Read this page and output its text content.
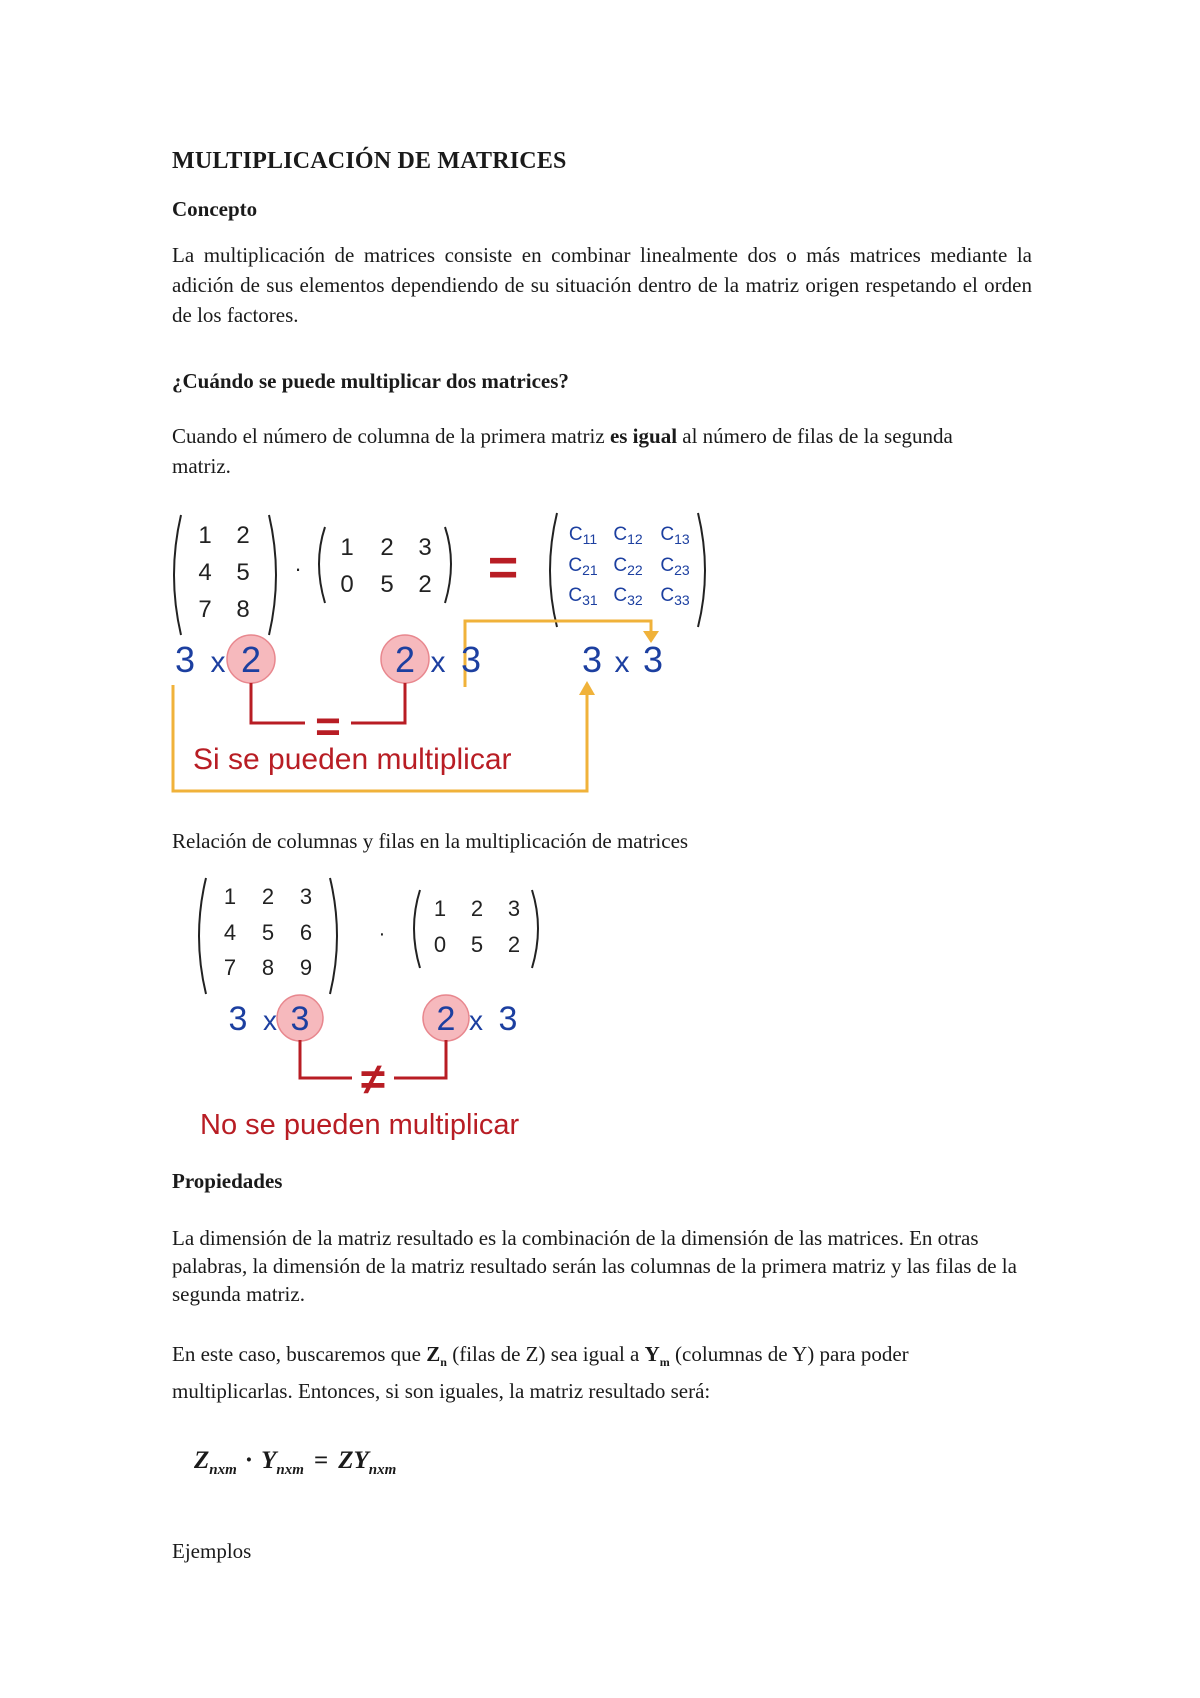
MULTIPLICACIÓN DE MATRICES
Concepto
La multiplicación de matrices consiste en combinar linealmente dos o más matrices mediante la adición de sus elementos dependiendo de su situación dentro de la matriz origen respetando el orden de los factores.
¿Cuándo se puede multiplicar dos matrices?
Cuando el número de columna de la primera matriz es igual al número de filas de la segunda matriz.
1 2
4 5
7 8
·
1 2 3
0 5 2 =
$C_{11}$ $C_{12}$ $C_{13}$
$C_{21}$ $C_{22}$ $C_{23}$
$C_{31}$ $C_{32}$ $C_{33}$
3 x 2	2 x 3	3 x 3
=
Si se pueden multiplicar
Relación de columnas y filas en la multiplicación de matrices
1 2 3
4 5 6
7 8 9
·
1 2 3
0 5 2
3 x 3	2 x 3
≠
No se pueden multiplicar
Propiedades
La dimensión de la matriz resultado es la combinación de la dimensión de las matrices. En otras palabras, la dimensión de la matriz resultado serán las columnas de la primera matriz y las filas de la segunda matriz.
En este caso, buscaremos que $Z_n$ (filas de Z) sea igual a $Y_m$ (columnas de Y) para poder multiplicarlas. Entonces, si son iguales, la matriz resultado será:
$Z_{nxm} \cdot Y_{nxm} = ZY_{nxm}$
Ejemplos
